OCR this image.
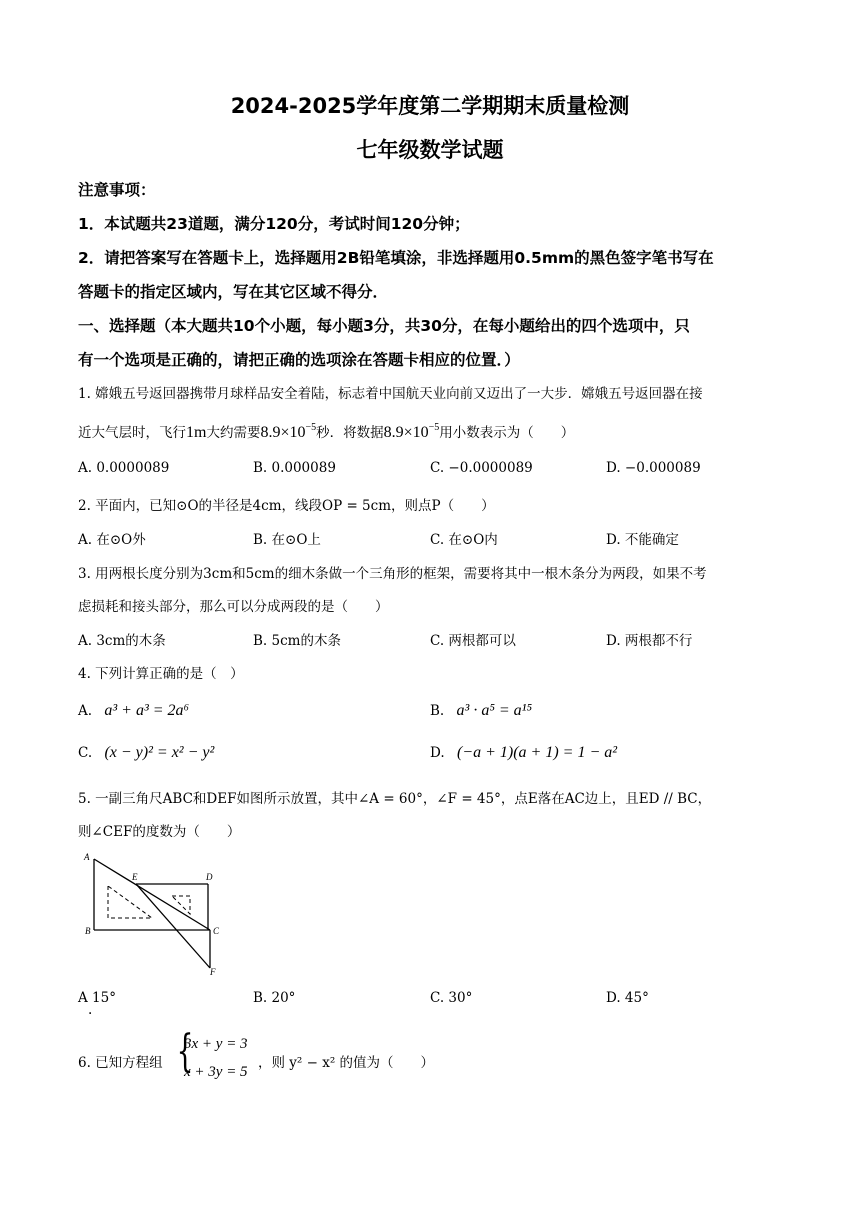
2024-2025学年度第二学期期末质量检测
七年级数学试题
注意事项：
1．本试题共23道题，满分120分，考试时间120分钟；
2．请把答案写在答题卡上，选择题用2B铅笔填涂，非选择题用0.5mm的黑色签字笔书写在
答题卡的指定区域内，写在其它区域不得分．
一、选择题（本大题共10个小题，每小题3分，共30分，在每小题给出的四个选项中，只
有一个选项是正确的，请把正确的选项涂在答题卡相应的位置．）
1. 嫦娥五号返回器携带月球样品安全着陆，标志着中国航天业向前又迈出了一大步．嫦娥五号返回器在接
近大气层时，飞行1m大约需要$8.9\times 10^{-5}$秒．将数据$8.9\times 10^{-5}$用小数表示为（　　）
A. 0.0000089	B. 0.000089	C. −0.0000089	D. −0.000089
2. 平面内，已知⊙O的半径是4cm，线段OP = 5cm，则点P（　　）
A. 在⊙O外	B. 在⊙O上	C. 在⊙O内	D. 不能确定
3. 用两根长度分别为3cm和5cm的细木条做一个三角形的框架，需要将其中一根木条分为两段，如果不考
虑损耗和接头部分，那么可以分成两段的是（　　）
A. 3cm的木条	B. 5cm的木条	C. 两根都可以	D. 两根都不行
4. 下列计算正确的是（　）
A. a³ + a³ = 2a⁶	B. a³ · a⁵ = a¹⁵
C. (x − y)² = x² − y²	D. (−a + 1)(a + 1) = 1 − a²
5. 一副三角尺ABC和DEF如图所示放置，其中∠A = 60°，∠F = 45°，点E落在AC边上，且ED // BC，
则∠CEF的度数为（　　）
A
E	D
B	C
F
A 15°
.
B. 20°	C. 30°	D. 45°
6. 已知方程组 {
3x + y = 3
x + 3y = 5
，则 y² − x² 的值为（　　）
